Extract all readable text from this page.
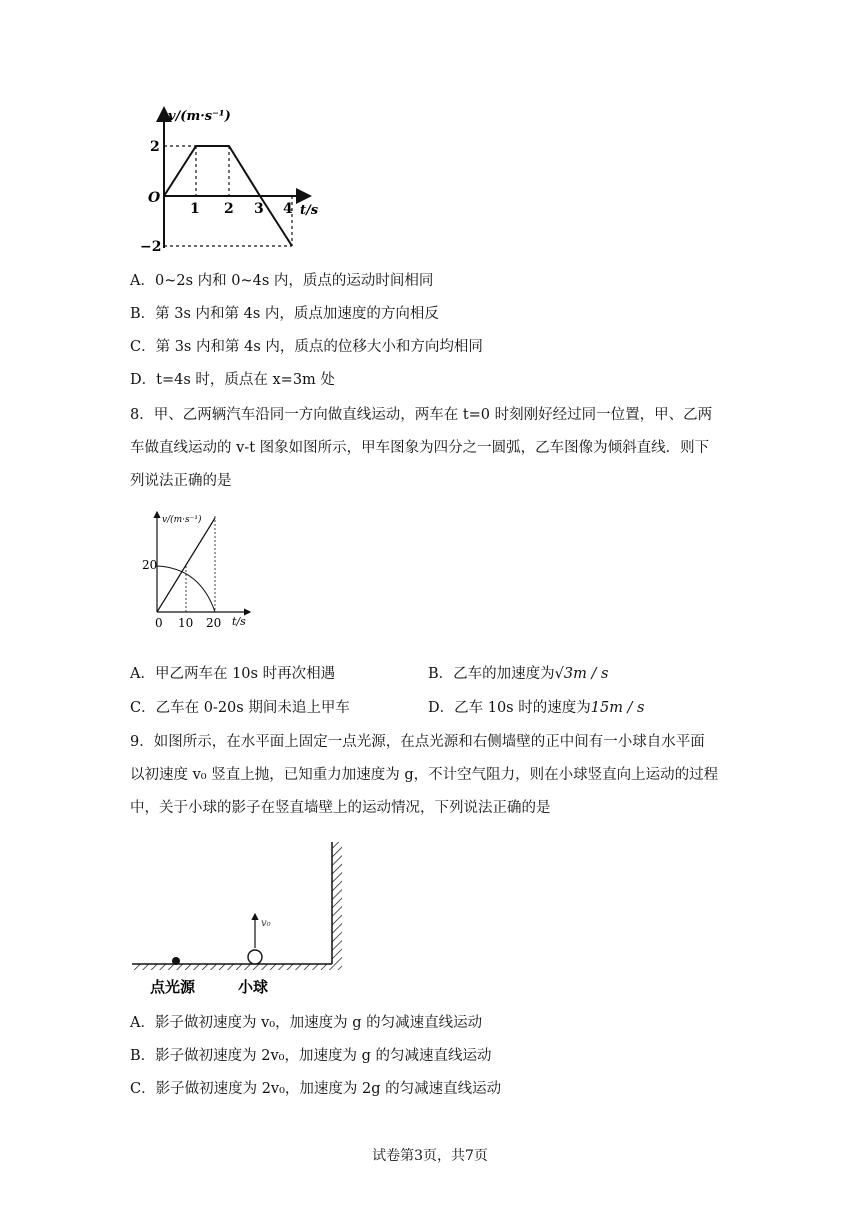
v/(m·s⁻¹)
t/s
O
2
−2
1 2 3 4
A．0~2s 内和 0~4s 内，质点的运动时间相同
B．第 3s 内和第 4s 内，质点加速度的方向相反
C．第 3s 内和第 4s 内，质点的位移大小和方向均相同
D．t=4s 时，质点在 x=3m 处
8．甲、乙两辆汽车沿同一方向做直线运动，两车在 t=0 时刻刚好经过同一位置，甲、乙两
车做直线运动的 v-t 图象如图所示，甲车图象为四分之一圆弧，乙车图像为倾斜直线．则下
列说法正确的是
v/(m·s⁻¹)
20
0 10 20 t/s
A．甲乙两车在 10s 时再次相遇	B．乙车的加速度为√3m / s
C．乙车在 0-20s 期间未追上甲车	D．乙车 10s 时的速度为15m / s
9．如图所示，在水平面上固定一点光源，在点光源和右侧墙壁的正中间有一小球自水平面
以初速度 v₀ 竖直上抛，已知重力加速度为 g，不计空气阻力，则在小球竖直向上运动的过程
中，关于小球的影子在竖直墙壁上的运动情况，下列说法正确的是
v₀
点光源	小球
A．影子做初速度为 v₀，加速度为 g 的匀减速直线运动
B．影子做初速度为 2v₀，加速度为 g 的匀减速直线运动
C．影子做初速度为 2v₀，加速度为 2g 的匀减速直线运动
试卷第3页，共7页
